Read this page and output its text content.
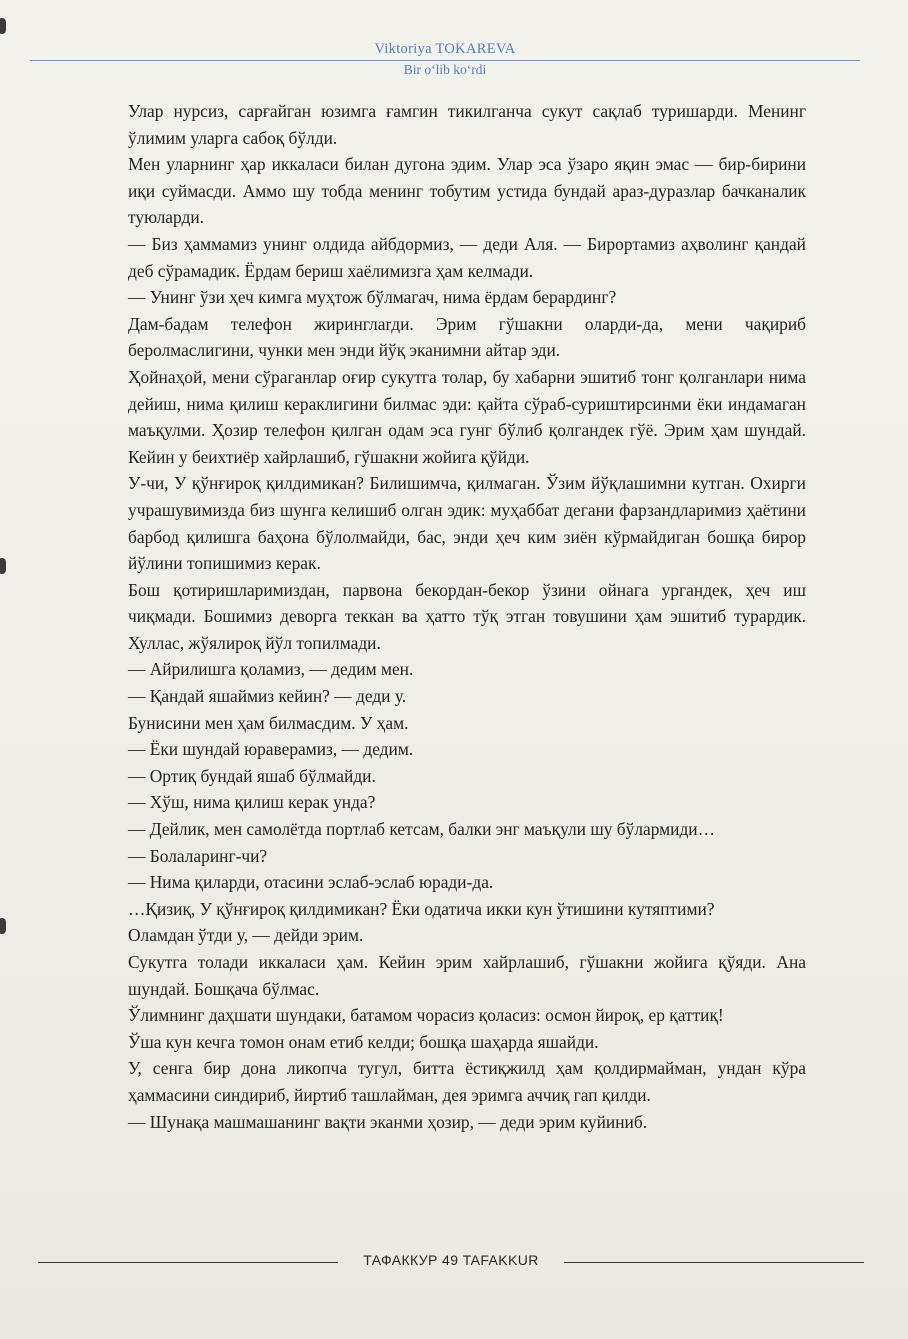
Viktoriya TOKAREVA
Bir o‘lib ko‘rdi

Улар нурсиз, сарғайган юзимга ғамгин тикилганча сукут сақлаб туришарди. Менинг ўлимим уларга сабоқ бўлди.

Мен уларнинг ҳар иккаласи билан дугона эдим. Улар эса ўзаро яқин эмас — бир-бирини иқи суймасди. Аммо шу тобда менинг тобутим устида бундай араз-дуразлар бачканалик туюларди.

— Биз ҳаммамиз унинг олдида айбдормиз, — деди Аля. — Бирортамиз аҳволинг қандай деб сўрамадик. Ёрдам бериш хаёлимизга ҳам келмади.

— Унинг ўзи ҳеч кимга муҳтож бўлмагач, нима ёрдам берардинг?

Дам-бадам телефон жиринглarди. Эрим гўшакни оларди-да, мени чақириб беролмаслигини, чунки мен энди йўқ эканимни айтар эди.

Ҳойнаҳой, мени сўраганлар оғир сукутга толар, бу хабарни эшитиб тонг қолганлари нима дейиш, нима қилиш кераклигини билмас эди: қайта сўраб-суриштирсинми ёки индамаган маъқулми. Ҳозир телефон қилган одам эса гунг бўлиб қолгандек гўё. Эрим ҳам шундай. Кейин у беихтиёр хайрлашиб, гўшакни жойига қўйди.

У-чи, У қўнғироқ қилдимикан? Билишимча, қилмаган. Ўзим йўқлашимни кутган. Охирги учрашувимизда биз шунга келишиб олган эдик: муҳаббат дегани фарзандларимиз ҳаётини барбод қилишга баҳона бўлолмайди, бас, энди ҳеч ким зиён кўрмайдиган бошқа бирор йўлини топишимиз керак.

Бош қотиришларимиздан, парвона бекордан-бекор ўзини ойнага ургандек, ҳеч иш чиқмади. Бошимиз деворга теккан ва ҳатто тўқ этган товушини ҳам эшитиб турардик. Хуллас, жўялироқ йўл топилмади.

— Айрилишга қоламиз, — дедим мен.

— Қандай яшаймиз кейин? — деди у.

Бунисини мен ҳам билмасдим. У ҳам.

— Ёки шундай юраверамиз, — дедим.

— Ортиқ бундай яшаб бўлмайди.

— Хўш, нима қилиш керак унда?

— Дейлик, мен самолётда портлаб кетсам, балки энг маъқули шу бўлармиди…

— Болаларинг-чи?

— Нима қиларди, отасини эслаб-эслаб юради-да.

…Қизиқ, У қўнғироқ қилдимикан? Ёки одатича икки кун ўтишини кутяптими?

Оламдан ўтди у, — дейди эрим.

Сукутга толади иккаласи ҳам. Кейин эрим хайрлашиб, гўшакни жойига қўяди. Ана шундай. Бошқача бўлмас.

Ўлимнинг даҳшати шундаки, батамом чорасиз қоласиз: осмон йироқ, ер қаттиқ!

Ўша кун кечга томон онам етиб келди; бошқа шаҳарда яшайди.

У, сенга бир дона ликопча тугул, битта ёстиқжилд ҳам қолдирмайман, ундан кўра ҳаммасини синдириб, йиртиб ташлайман, дея эримга аччиқ гап қилди.

— Шунақа машмашанинг вақти эканми ҳозир, — деди эрим куйиниб.

ТАФАККУР 49 TAFAKKUR
